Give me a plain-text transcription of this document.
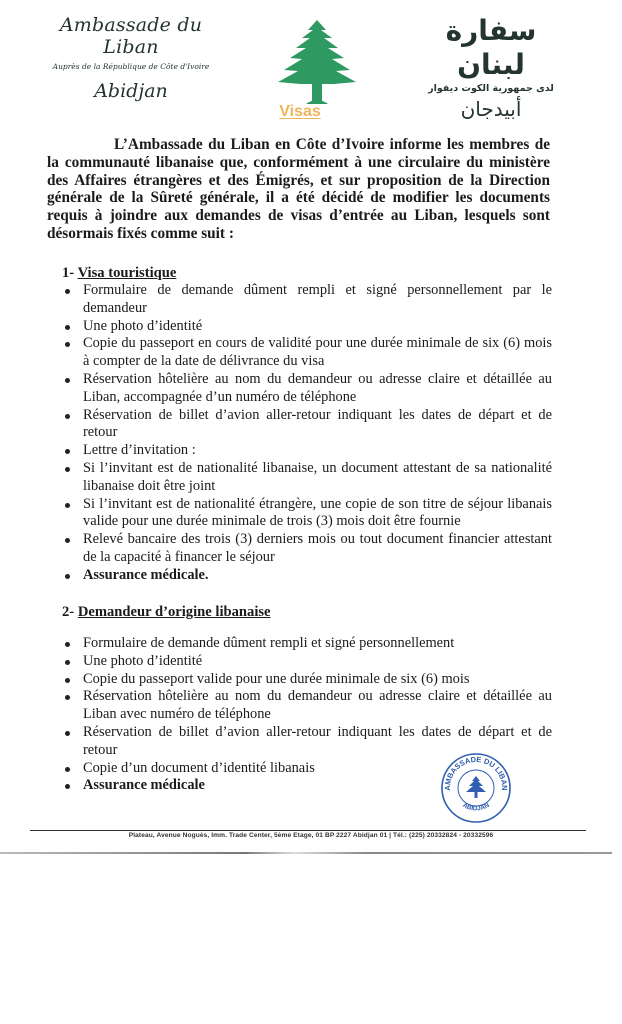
Ambassade du Liban
Auprès de la République de Côte d'Ivoire
Abidjan
سفارة لبنان
لدى جمهورية الكوت ديفوار
أبيدجان
Visas

L’Ambassade du Liban en Côte d’Ivoire informe les membres de la communauté libanaise que, conformément à une circulaire du ministère des Affaires étrangères et des Émigrés, et sur proposition de la Direction générale de la Sûreté générale, il a été décidé de modifier les documents requis à joindre aux demandes de visas d’entrée au Liban, lesquels sont désormais fixés comme suit :

1- Visa touristique
Formulaire de demande dûment rempli et signé personnellement par le demandeur
Une photo d’identité
Copie du passeport en cours de validité pour une durée minimale de six (6) mois à compter de la date de délivrance du visa
Réservation hôtelière au nom du demandeur ou adresse claire et détaillée au Liban, accompagnée d’un numéro de téléphone
Réservation de billet d’avion aller-retour indiquant les dates de départ et de retour
Lettre d’invitation :
Si l’invitant est de nationalité libanaise, un document attestant de sa nationalité libanaise doit être joint
Si l’invitant est de nationalité étrangère, une copie de son titre de séjour libanais valide pour une durée minimale de trois (3) mois doit être fournie
Relevé bancaire des trois (3) derniers mois ou tout document financier attestant de la capacité à financer le séjour
Assurance médicale.
2- Demandeur d’origine libanaise
Formulaire de demande dûment rempli et signé personnellement
Une photo d’identité
Copie du passeport valide pour une durée minimale de six (6) mois
Réservation hôtelière au nom du demandeur ou adresse claire et détaillée au Liban avec numéro de téléphone
Réservation de billet d’avion aller-retour indiquant les dates de départ et de retour
Copie d’un document d’identité libanais
Assurance médicale	AMBASSADE DU LIBAN
ABIDJAN
Plateau, Avenue Noguès, Imm. Trade Center, 5ème Etage, 01 BP 2227 Abidjan 01 | Tél.: (225) 20332824 - 20332596
